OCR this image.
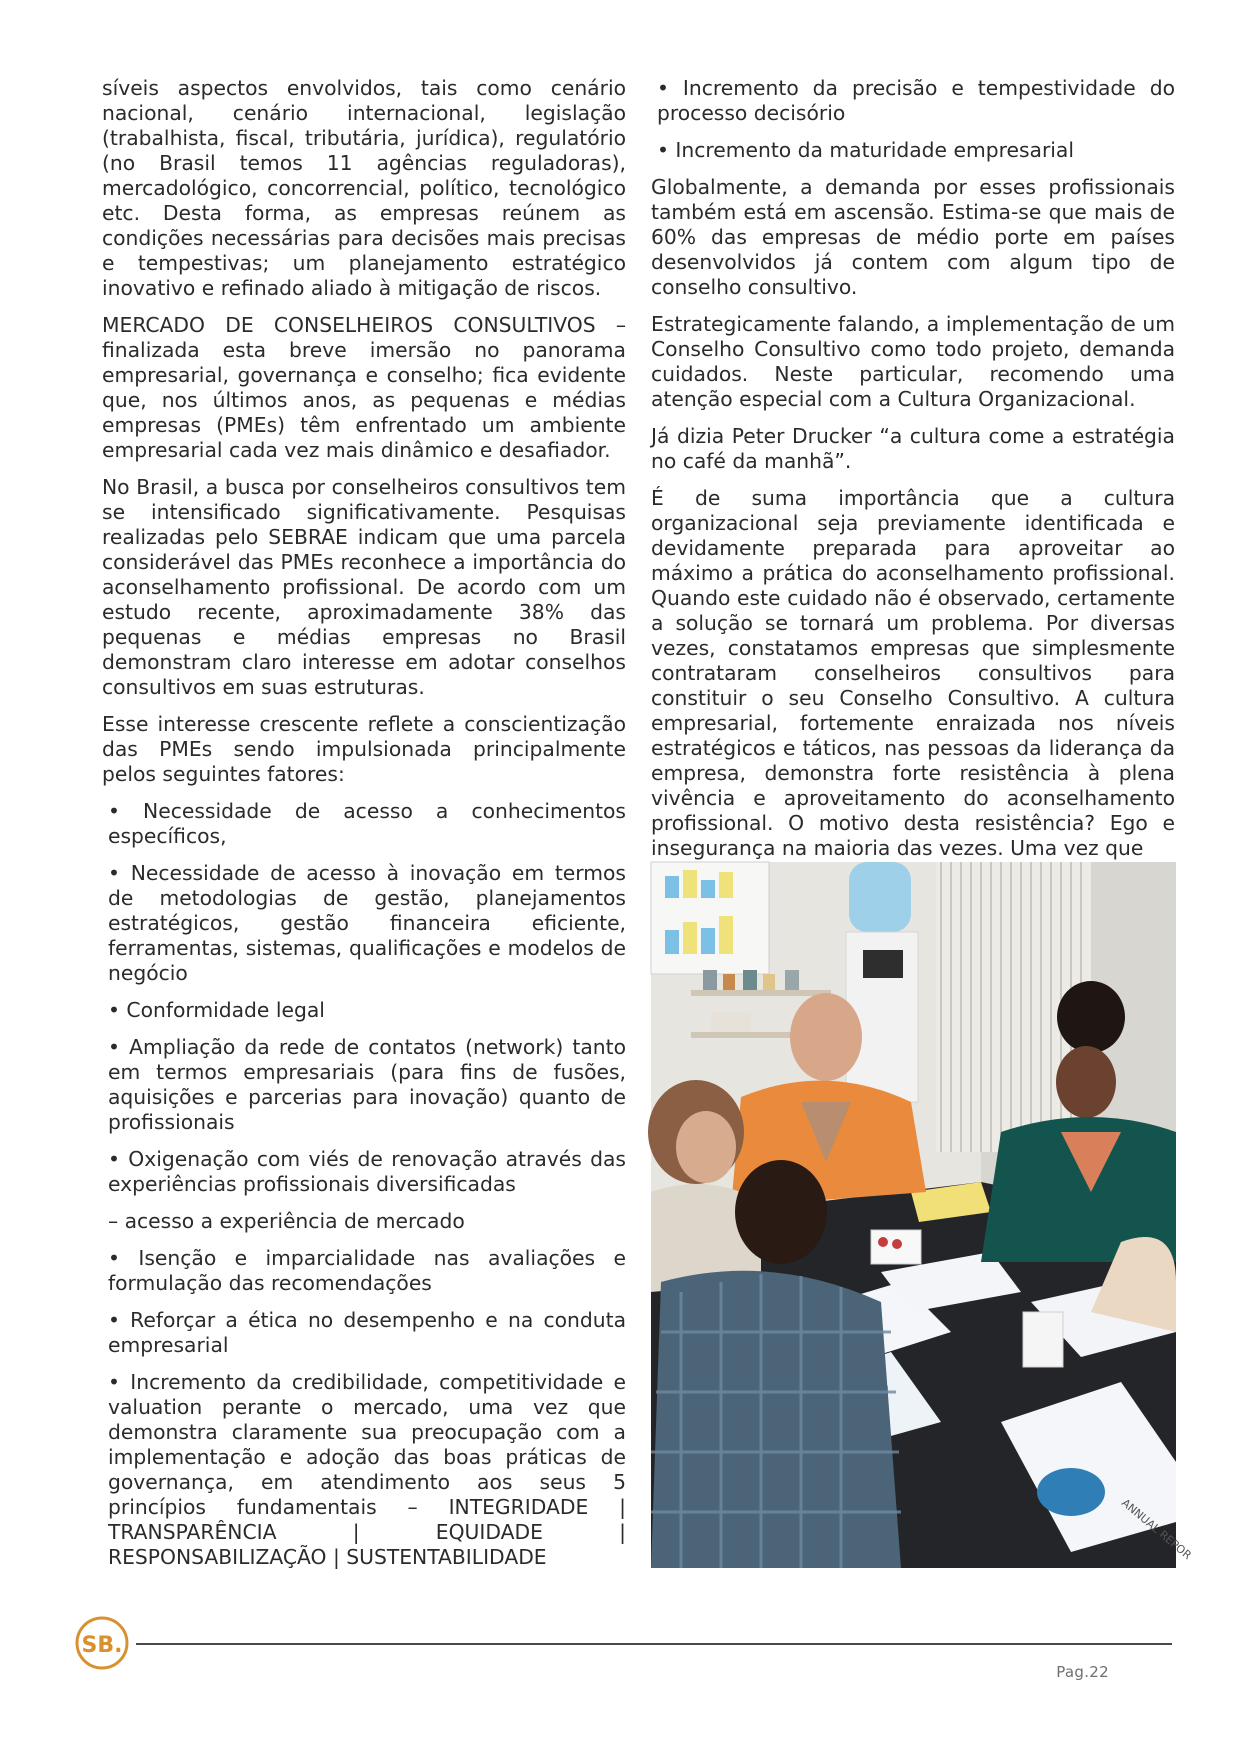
síveis aspectos envolvidos, tais como cenário nacional, cenário internacional, legislação (trabalhista, fiscal, tributária, jurídica), regulatório (no Brasil temos 11 agências reguladoras), mercadológico, concorrencial, político, tecnológico etc. Desta forma, as empresas reúnem as condições necessárias para decisões mais precisas e tempestivas; um planejamento estratégico inovativo e refinado aliado à mitigação de riscos.

MERCADO DE CONSELHEIROS CONSULTIVOS – finalizada esta breve imersão no panorama empresarial, governança e conselho; fica evidente que, nos últimos anos, as pequenas e médias empresas (PMEs) têm enfrentado um ambiente empresarial cada vez mais dinâmico e desafiador.

No Brasil, a busca por conselheiros consultivos tem se intensificado significativamente. Pesquisas realizadas pelo SEBRAE indicam que uma parcela considerável das PMEs reconhece a importância do aconselhamento profissional. De acordo com um estudo recente, aproximadamente 38% das pequenas e médias empresas no Brasil demonstram claro interesse em adotar conselhos consultivos em suas estruturas.

Esse interesse crescente reflete a conscientização das PMEs sendo impulsionada principalmente pelos seguintes fatores:

• Necessidade de acesso a conhecimentos específicos,

• Necessidade de acesso à inovação em termos de metodologias de gestão, planejamentos estratégicos, gestão financeira eficiente, ferramentas, sistemas, qualificações e modelos de negócio

• Conformidade legal

• Ampliação da rede de contatos (network) tanto em termos empresariais (para fins de fusões, aquisições e parcerias para inovação) quanto de profissionais

• Oxigenação com viés de renovação através das experiências profissionais diversificadas

– acesso a experiência de mercado

• Isenção e imparcialidade nas avaliações e formulação das recomendações

• Reforçar a ética no desempenho e na conduta empresarial

• Incremento da credibilidade, competitividade e valuation perante o mercado, uma vez que demonstra claramente sua preocupação com a implementação e adoção das boas práticas de governança, em atendimento aos seus 5 princípios fundamentais – INTEGRIDADE | TRANSPARÊNCIA | EQUIDADE | RESPONSABILIZAÇÃO | SUSTENTABILIDADE

• Incremento da precisão e tempestividade do processo decisório

• Incremento da maturidade empresarial

Globalmente, a demanda por esses profissionais também está em ascensão. Estima-se que mais de 60% das empresas de médio porte em países desenvolvidos já contem com algum tipo de conselho consultivo.

Estrategicamente falando, a implementação de um Conselho Consultivo como todo projeto, demanda cuidados. Neste particular, recomendo uma atenção especial com a Cultura Organizacional.

Já dizia Peter Drucker “a cultura come a estratégia no café da manhã”.

É de suma importância que a cultura organizacional seja previamente identificada e devidamente preparada para aproveitar ao máximo a prática do aconselhamento profissional. Quando este cuidado não é observado, certamente a solução se tornará um problema. Por diversas vezes, constatamos empresas que simplesmente contrataram conselheiros consultivos para constituir o seu Conselho Consultivo. A cultura empresarial, fortemente enraizada nos níveis estratégicos e táticos, nas pessoas da liderança da empresa, demonstra forte resistência à plena vivência e aproveitamento do aconselhamento profissional. O motivo desta resistência? Ego e insegurança na maioria das vezes. Uma vez que

ANNUAL REPOR
SB.
Pag.22
